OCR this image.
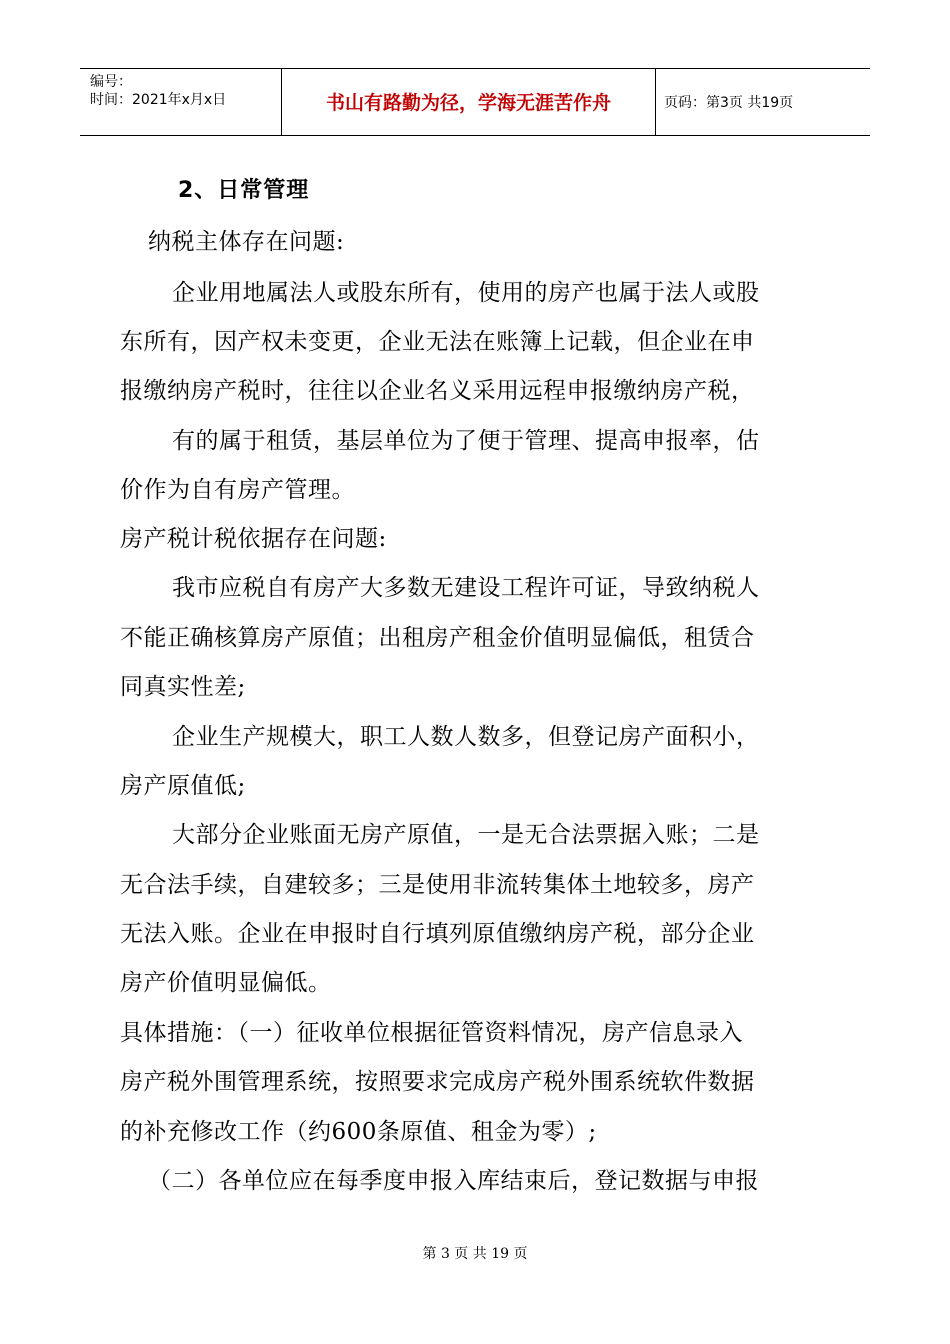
编号：
时间：2021年x月x日	书山有路勤为径，学海无涯苦作舟	页码：第3页 共19页
2、日常管理
纳税主体存在问题:
企业用地属法人或股东所有，使用的房产也属于法人或股
东所有，因产权未变更，企业无法在账簿上记载，但企业在申
报缴纳房产税时，往往以企业名义采用远程申报缴纳房产税，
有的属于租赁，基层单位为了便于管理、提高申报率，估
价作为自有房产管理。
房产税计税依据存在问题:
我市应税自有房产大多数无建设工程许可证，导致纳税人
不能正确核算房产原值；出租房产租金价值明显偏低，租赁合
同真实性差;
企业生产规模大，职工人数人数多，但登记房产面积小，
房产原值低;
大部分企业账面无房产原值，一是无合法票据入账；二是
无合法手续，自建较多；三是使用非流转集体土地较多，房产
无法入账。企业在申报时自行填列原值缴纳房产税，部分企业
房产价值明显偏低。
具体措施：（一）征收单位根据征管资料情况，房产信息录入
房产税外围管理系统，按照要求完成房产税外围系统软件数据
的补充修改工作（约600条原值、租金为零）;
（二）各单位应在每季度申报入库结束后，登记数据与申报
第 3 页 共 19 页
